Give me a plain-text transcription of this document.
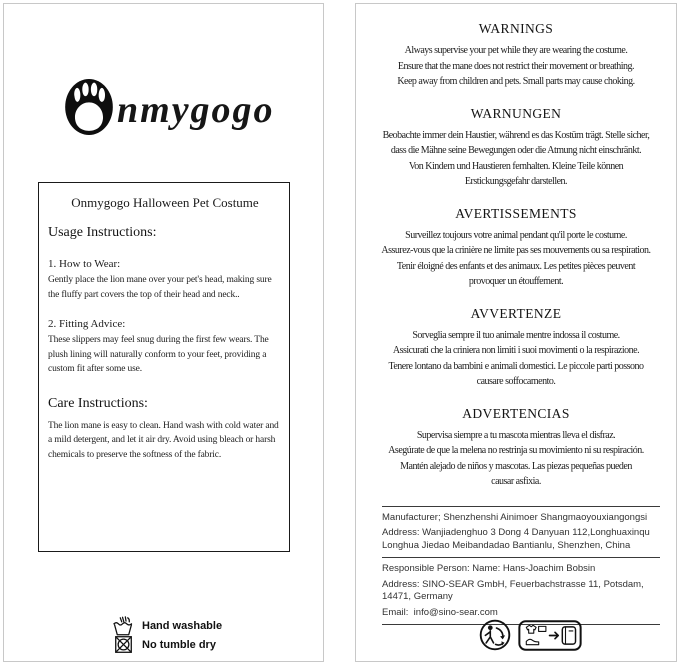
nmygogo
Onmygogo Halloween Pet Costume
Usage Instructions:
1. How to Wear:
Gently place the lion mane over your pet's head, making sure the fluffy part covers the top of their head and neck..
2. Fitting Advice:
These slippers may feel snug during the first few wears. The plush lining will naturally conform to your feet, providing a custom fit after some use.
Care Instructions:
The lion mane is easy to clean. Hand wash with cold water and a mild detergent, and let it air dry. Avoid using bleach or harsh chemicals to preserve the softness of the fabric.
Hand washable
No tumble dry
WARNINGS
Always supervise your pet while they are wearing the costume.
Ensure that the mane does not restrict their movement or breathing.
Keep away from children and pets. Small parts may cause choking.
WARNUNGEN
Beobachte immer dein Haustier, während es das Kostüm trägt. Stelle sicher,
dass die Mähne seine Bewegungen oder die Atmung nicht einschränkt.
Von Kindern und Haustieren fernhalten. Kleine Teile können
Erstickungsgefahr darstellen.
AVERTISSEMENTS
Surveillez toujours votre animal pendant qu'il porte le costume.
Assurez-vous que la crinière ne limite pas ses mouvements ou sa respiration.
Tenir éloigné des enfants et des animaux. Les petites pièces peuvent
provoquer un étouffement.
AVVERTENZE
Sorveglia sempre il tuo animale mentre indossa il costume.
Assicurati che la criniera non limiti i suoi movimenti o la respirazione.
Tenere lontano da bambini e animali domestici. Le piccole parti possono
causare soffocamento.
ADVERTENCIAS
Supervisa siempre a tu mascota mientras lleva el disfraz.
Asegúrate de que la melena no restrinja su movimiento ni su respiración.
Mantén alejado de niños y mascotas. Las piezas pequeñas pueden
causar asfixia.

Manufacturer; Shenzhenshi Ainimoer Shangmaoyouxiangongsi

Address: Wanjiadenghuo 3 Dong 4 Danyuan 112,Longhuaxinqu Longhua Jiedao Meibandadao Bantianlu, Shenzhen, China

Responsible Person: Name: Hans-Joachim Bobsin

Address: SINO-SEAR GmbH, Feuerbachstrasse 11, Potsdam, 14471, Germany

Email:  info@sino-sear.com
